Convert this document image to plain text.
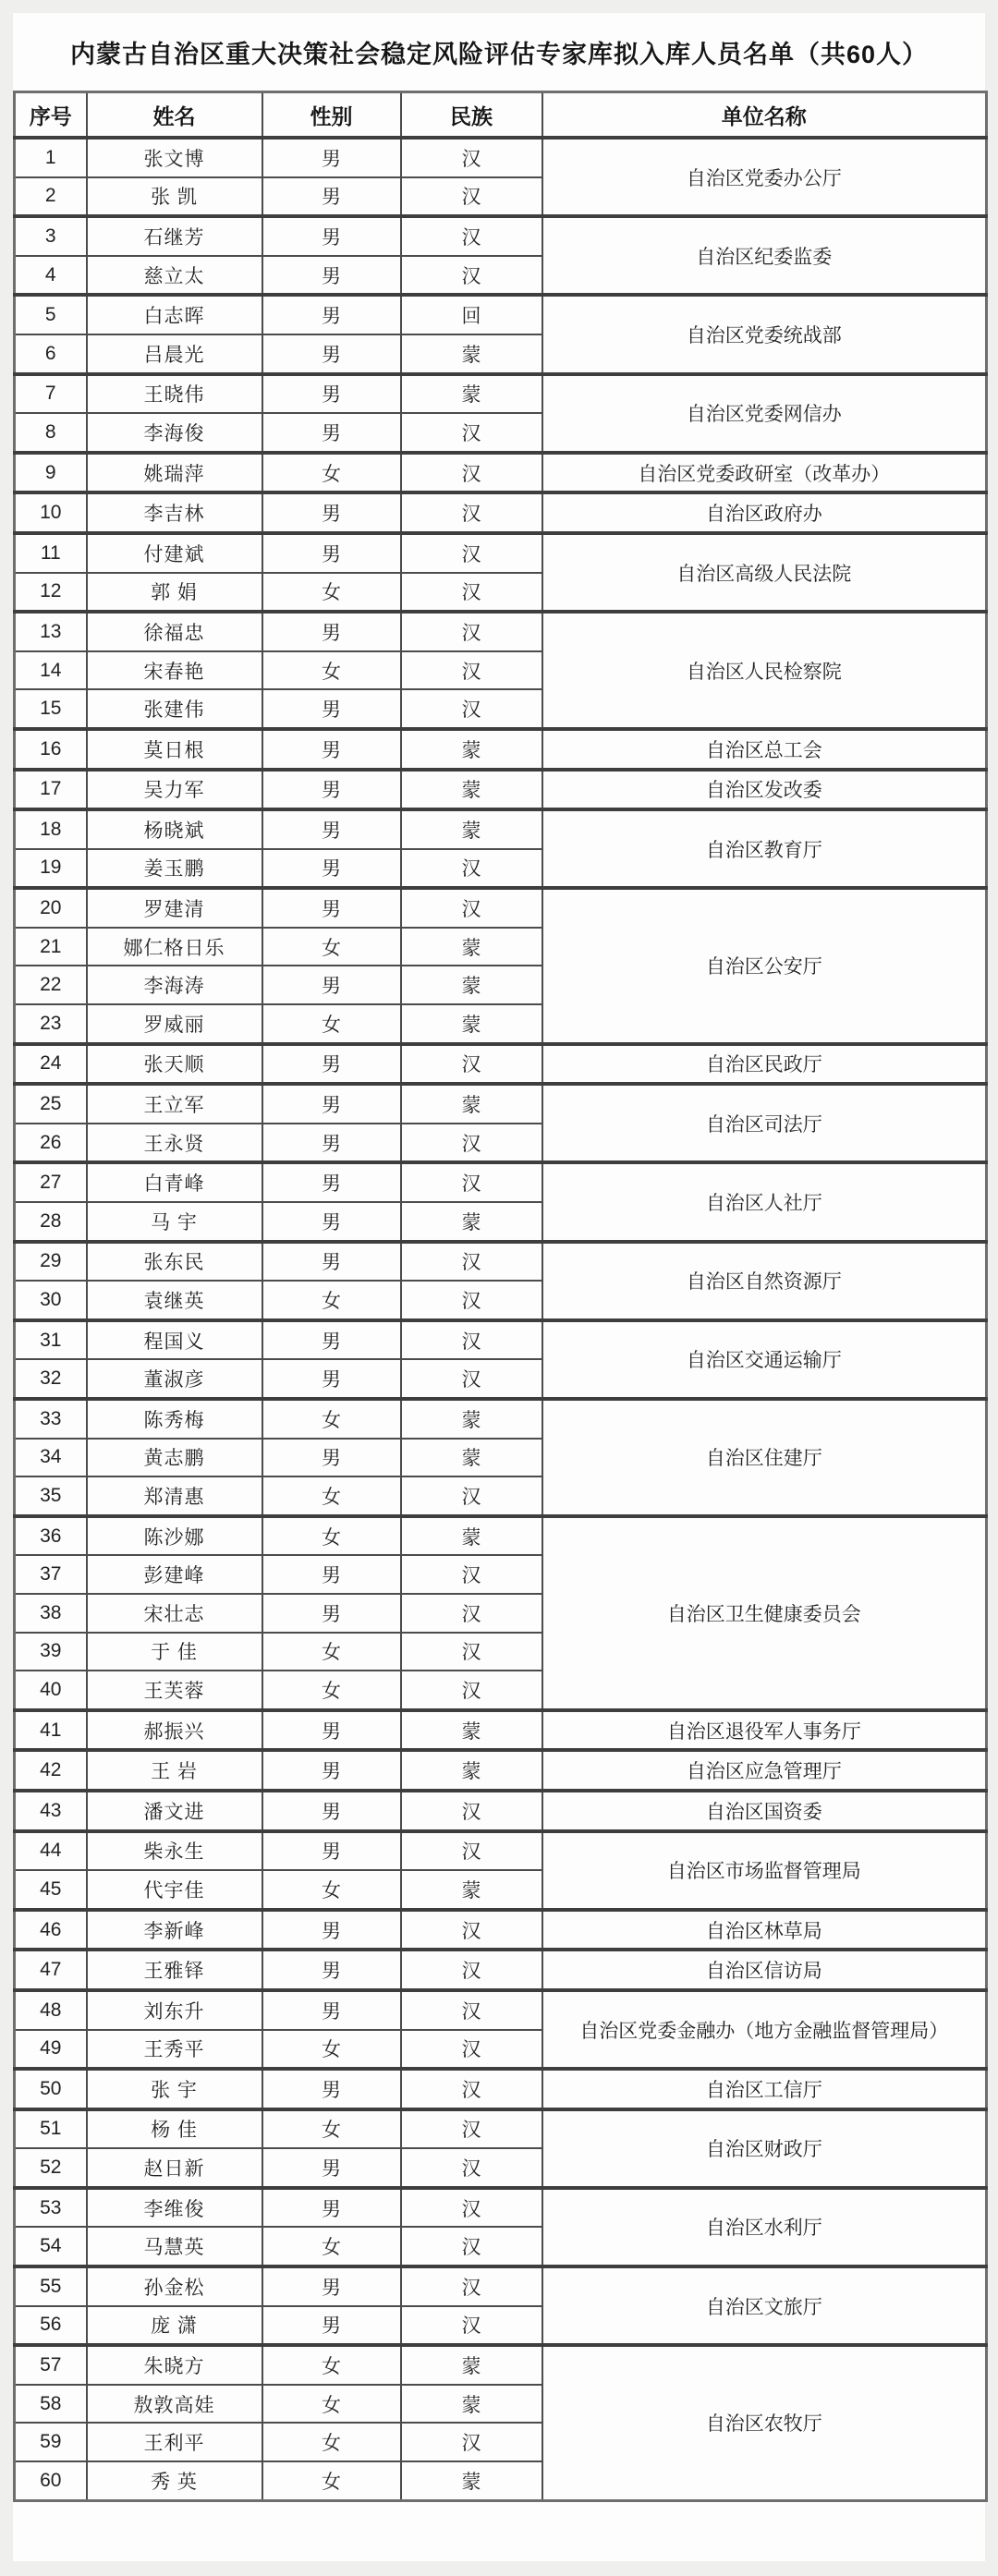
内蒙古自治区重大决策社会稳定风险评估专家库拟入库人员名单（共60人）
序号	姓名	性别	民族	单位名称
1	张文博	男	汉	自治区党委办公厅
2	张 凯	男	汉	
3	石继芳	男	汉	自治区纪委监委
4	慈立太	男	汉	
5	白志晖	男	回	自治区党委统战部
6	吕晨光	男	蒙	
7	王晓伟	男	蒙	自治区党委网信办
8	李海俊	男	汉	
9	姚瑞萍	女	汉	自治区党委政研室（改革办）
10	李吉林	男	汉	自治区政府办
11	付建斌	男	汉	自治区高级人民法院
12	郭 娟	女	汉	
13	徐福忠	男	汉	自治区人民检察院
14	宋春艳	女	汉	
15	张建伟	男	汉	
16	莫日根	男	蒙	自治区总工会
17	吴力军	男	蒙	自治区发改委
18	杨晓斌	男	蒙	自治区教育厅
19	姜玉鹏	男	汉	
20	罗建清	男	汉	自治区公安厅
21	娜仁格日乐	女	蒙	
22	李海涛	男	蒙	
23	罗威丽	女	蒙	
24	张天顺	男	汉	自治区民政厅
25	王立军	男	蒙	自治区司法厅
26	王永贤	男	汉	
27	白青峰	男	汉	自治区人社厅
28	马 宇	男	蒙	
29	张东民	男	汉	自治区自然资源厅
30	袁继英	女	汉	
31	程国义	男	汉	自治区交通运输厅
32	董淑彦	男	汉	
33	陈秀梅	女	蒙	自治区住建厅
34	黄志鹏	男	蒙	
35	郑清惠	女	汉	
36	陈沙娜	女	蒙	自治区卫生健康委员会
37	彭建峰	男	汉	
38	宋壮志	男	汉	
39	于 佳	女	汉	
40	王芙蓉	女	汉	
41	郝振兴	男	蒙	自治区退役军人事务厅
42	王 岩	男	蒙	自治区应急管理厅
43	潘文进	男	汉	自治区国资委
44	柴永生	男	汉	自治区市场监督管理局
45	代宇佳	女	蒙	
46	李新峰	男	汉	自治区林草局
47	王雅铎	男	汉	自治区信访局
48	刘东升	男	汉	自治区党委金融办（地方金融监督管理局）
49	王秀平	女	汉	
50	张 宇	男	汉	自治区工信厅
51	杨 佳	女	汉	自治区财政厅
52	赵日新	男	汉	
53	李维俊	男	汉	自治区水利厅
54	马慧英	女	汉	
55	孙金松	男	汉	自治区文旅厅
56	庞 潇	男	汉	
57	朱晓方	女	蒙	自治区农牧厅
58	敖敦高娃	女	蒙	
59	王利平	女	汉	
60	秀 英	女	蒙	
